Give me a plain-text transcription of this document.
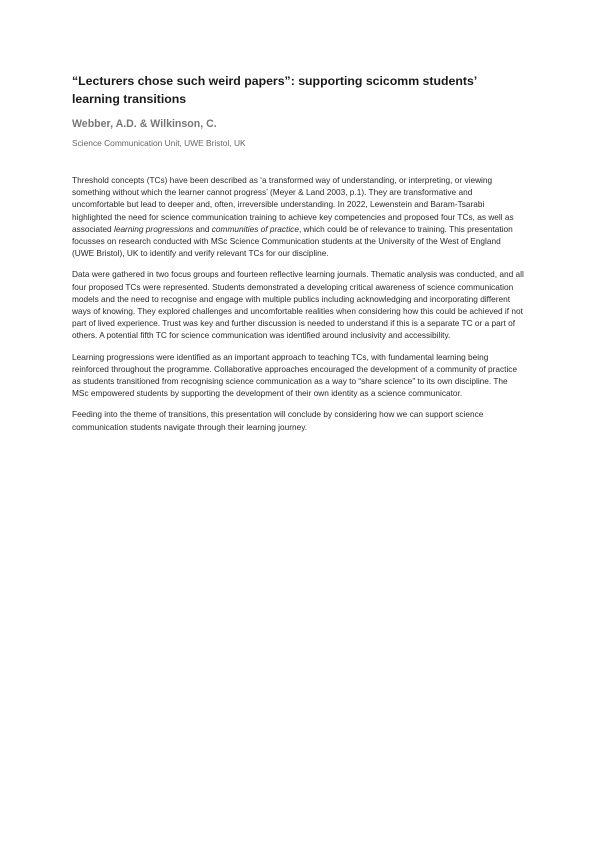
“Lecturers chose such weird papers”: supporting scicomm students’ learning transitions
Webber, A.D. & Wilkinson, C.
Science Communication Unit, UWE Bristol, UK

Threshold concepts (TCs) have been described as ‘a transformed way of understanding, or interpreting, or viewing something without which the learner cannot progress’ (Meyer & Land 2003, p.1). They are transformative and uncomfortable but lead to deeper and, often, irreversible understanding. In 2022, Lewenstein and Baram-Tsarabi highlighted the need for science communication training to achieve key competencies and proposed four TCs, as well as associated learning progressions and communities of practice, which could be of relevance to training. This presentation focusses on research conducted with MSc Science Communication students at the University of the West of England (UWE Bristol), UK to identify and verify relevant TCs for our discipline.

Data were gathered in two focus groups and fourteen reflective learning journals. Thematic analysis was conducted, and all four proposed TCs were represented. Students demonstrated a developing critical awareness of science communication models and the need to recognise and engage with multiple publics including acknowledging and incorporating different ways of knowing. They explored challenges and uncomfortable realities when considering how this could be achieved if not part of lived experience. Trust was key and further discussion is needed to understand if this is a separate TC or a part of others. A potential fifth TC for science communication was identified around inclusivity and accessibility.

Learning progressions were identified as an important approach to teaching TCs, with fundamental learning being reinforced throughout the programme. Collaborative approaches encouraged the development of a community of practice as students transitioned from recognising science communication as a way to “share science” to its own discipline. The MSc empowered students by supporting the development of their own identity as a science communicator.

Feeding into the theme of transitions, this presentation will conclude by considering how we can support science communication students navigate through their learning journey.
